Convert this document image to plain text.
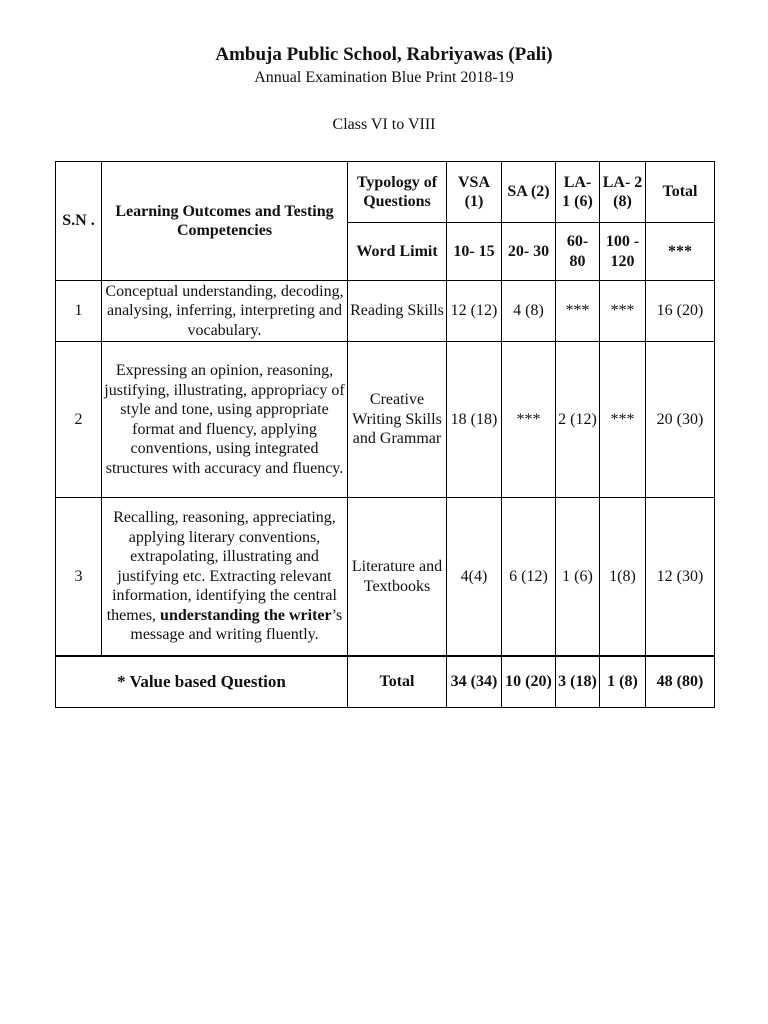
Ambuja Public School, Rabriyawas (Pali)
Annual Examination Blue Print 2018-19
Class VI to VIII
S.N .	Learning Outcomes and Testing Competencies	Typology of Questions	VSA (1)	SA (2)	LA- 1 (6)	LA- 2 (8)	Total
		Word Limit	10- 15	20- 30	60- 80	100 - 120	***
1	Conceptual understanding, decoding, analysing, inferring, interpreting and vocabulary.	Reading Skills	12 (12)	4 (8)	***	***	16 (20)
2	Expressing an opinion, reasoning, justifying, illustrating, appropriacy of style and tone, using appropriate format and fluency, applying conventions, using integrated structures with accuracy and fluency.	Creative Writing Skills and Grammar	18 (18)	***	2 (12)	***	20 (30)
3	Recalling, reasoning, appreciating, applying literary conventions, extrapolating, illustrating and justifying etc. Extracting relevant information, identifying the central themes, understanding the writer’s message and writing fluently.	Literature and Textbooks	4(4)	6 (12)	1 (6)	1(8)	12 (30)
* Value based Question		Total	34 (34)	10 (20)	3 (18)	1 (8)	48 (80)
